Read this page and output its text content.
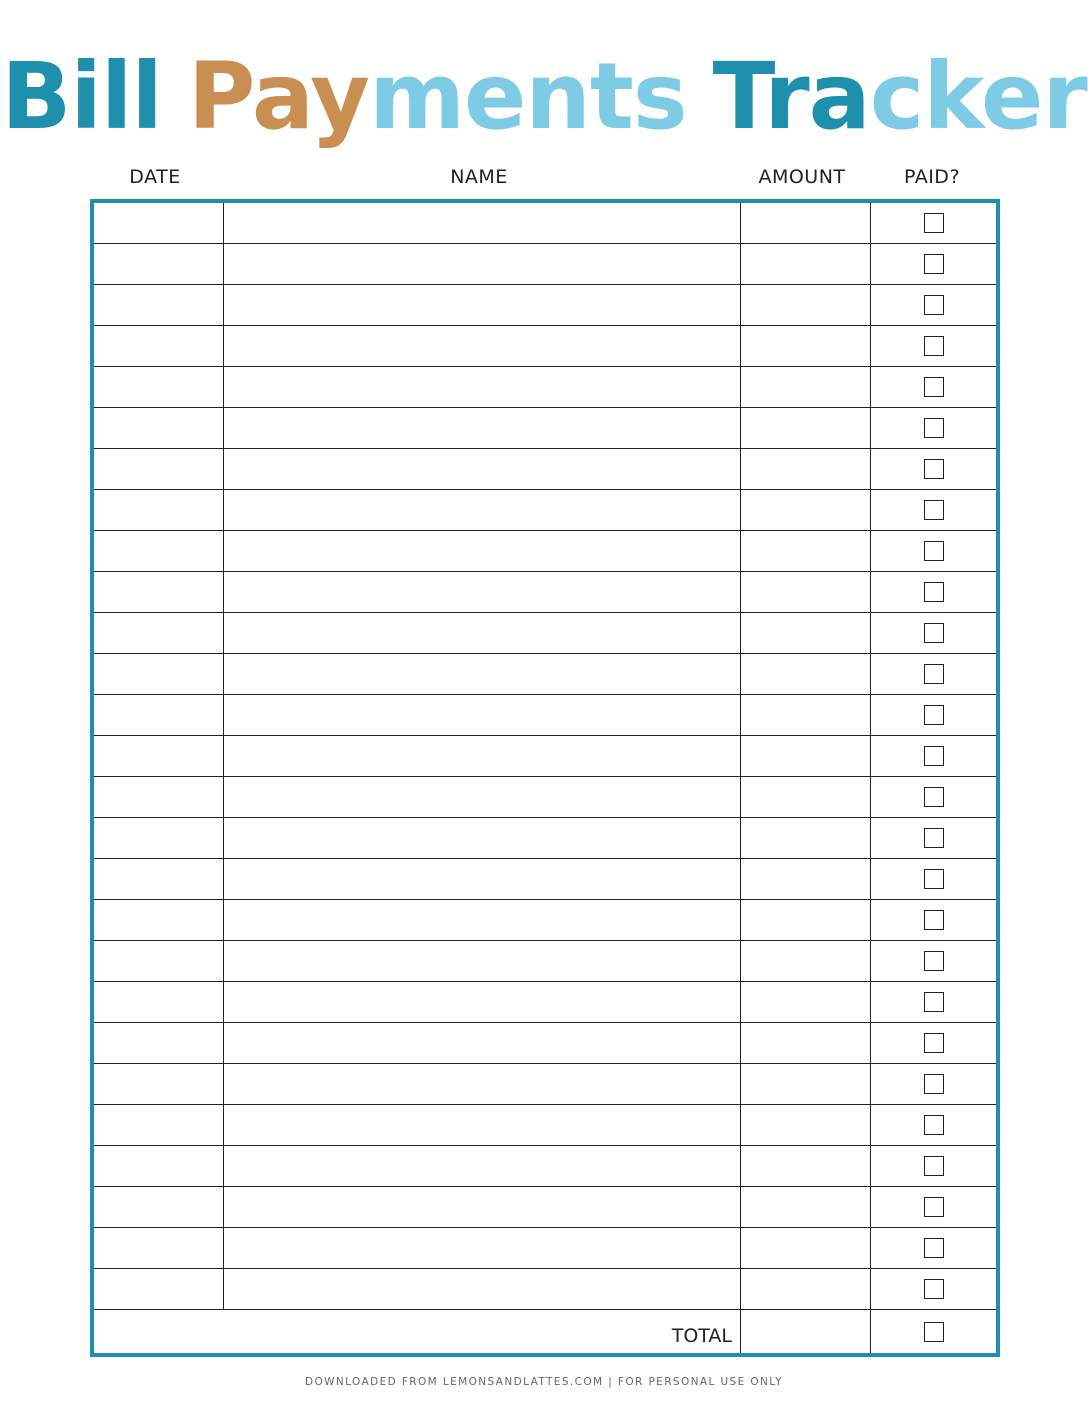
Bill Payments Tracker
DATE	NAME	AMOUNT	PAID?
TOTAL
DOWNLOADED FROM LEMONSANDLATTES.COM | FOR PERSONAL USE ONLY
